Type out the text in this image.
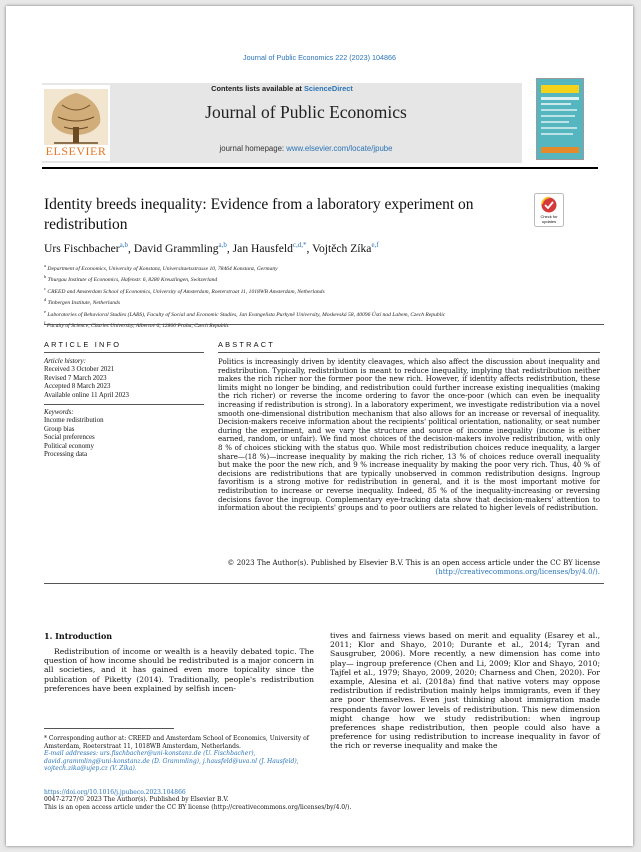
Journal of Public Economics 222 (2023) 104866
Contents lists available at ScienceDirect
ELSEVIER
Journal of Public Economics
journal homepage: www.elsevier.com/locate/jpube
Identity breeds inequality: Evidence from a laboratory experiment on redistribution	Check for
updates
Urs Fischbacher$^{a,b}$, David Grammling$^{a,b}$, Jan Hausfeld$^{c,d,*}$, Vojtěch Zíka$^{e,f}$
$^a$ Department of Economics, University of Konstanz, Universitaetsstrasse 10, 78464 Konstanz, Germany
$^b$ Thurgau Institute of Economics, Hafenstr. 6, 8280 Kreuzlingen, Switzerland
$^c$ CREED and Amsterdam School of Economics, University of Amsterdam, Roeterstraat 11, 1018WB Amsterdam, Netherlands
$^d$ Tinbergen Institute, Netherlands
$^e$ Laboratories of Behavioral Studies (LABS), Faculty of Social and Economic Studies, Jan Evangelista Purkyně University, Moskevská 58, 40096 Ústí nad Labem, Czech Republic
$^f$ Faculty of Science, Charles University, Albertov 6, 12800 Praha, Czech Republic
ARTICLE INFO	ABSTRACT
Article history:
Received 3 October 2021
Revised 7 March 2023
Accepted 8 March 2023
Available online 11 April 2023
Keywords:
Income redistribution
Group bias
Social preferences
Political economy
Processing data
Politics is increasingly driven by identity cleavages, which also affect the discussion about inequality and redistribution. Typically, redistribution is meant to reduce inequality, implying that redistribution neither makes the rich richer nor the former poor the new rich. However, if identity affects redistribution, these limits might no longer be binding, and redistribution could further increase existing inequalities (making the rich richer) or reverse the income ordering to favor the once-poor (which can even be inequality increasing if redistribution is strong). In a laboratory experiment, we investigate redistribution via a novel smooth one-dimensional distribution mechanism that also allows for an increase or reversal of inequality. Decision-makers receive information about the recipients' political orientation, nationality, or seat number during the experiment, and we vary the structure and source of income inequality (income is either earned, random, or unfair). We find most choices of the decision-makers involve redistribution, with only 8 % of choices sticking with the status quo. While most redistribution choices reduce inequality, a larger share—(18 %)—increase inequality by making the rich richer, 13 % of choices reduce overall inequality but make the poor the new rich, and 9 % increase inequality by making the poor very rich. Thus, 40 % of decisions are redistributions that are typically unobserved in common redistribution designs. Ingroup favoritism is a strong motive for redistribution in general, and it is the most important motive for redistribution to increase or reverse inequality. Indeed, 85 % of the inequality-increasing or reversing decisions favor the ingroup. Complementary eye-tracking data show that decision-makers' attention to information about the recipients' groups and to poor outliers are related to higher levels of redistribution.
© 2023 The Author(s). Published by Elsevier B.V. This is an open access article under the CC BY license (http://creativecommons.org/licenses/by/4.0/).
1. Introduction
Redistribution of income or wealth is a heavily debated topic. The question of how income should be redistributed is a major concern in all societies, and it has gained even more topicality since the publication of Piketty (2014). Traditionally, people's redistribution preferences have been explained by selfish incen-
tives and fairness views based on merit and equality (Esarey et al., 2011; Klor and Shayo, 2010; Durante et al., 2014; Tyran and Sausgruber, 2006). More recently, a new dimension has come into play— ingroup preference (Chen and Li, 2009; Klor and Shayo, 2010; Tajfel et al., 1979; Shayo, 2009, 2020; Charness and Chen, 2020). For example, Alesina et al. (2018a) find that native voters may oppose redistribution if redistribution mainly helps immigrants, even if they are poor themselves. Even just thinking about immigration made respondents favor lower levels of redistribution. This new dimension might change how we study redistribution: when ingroup preferences shape redistribution, then people could also have a preference for using redistribution to increase inequality in favor of the rich or reverse inequality and make the
* Corresponding author at: CREED and Amsterdam School of Economics, University of Amsterdam, Roeterstraat 11, 1018WB Amsterdam, Netherlands.
E-mail addresses: urs.fischbacher@uni-konstanz.de (U. Fischbacher), david.grammling@uni-konstanz.de (D. Grammling), j.hausfeld@uva.nl (J. Hausfeld), vojtech.zika@ujep.cz (V. Zíka).
https://doi.org/10.1016/j.jpubeco.2023.104866
0047-2727/© 2023 The Author(s). Published by Elsevier B.V.
This is an open access article under the CC BY license (http://creativecommons.org/licenses/by/4.0/).
